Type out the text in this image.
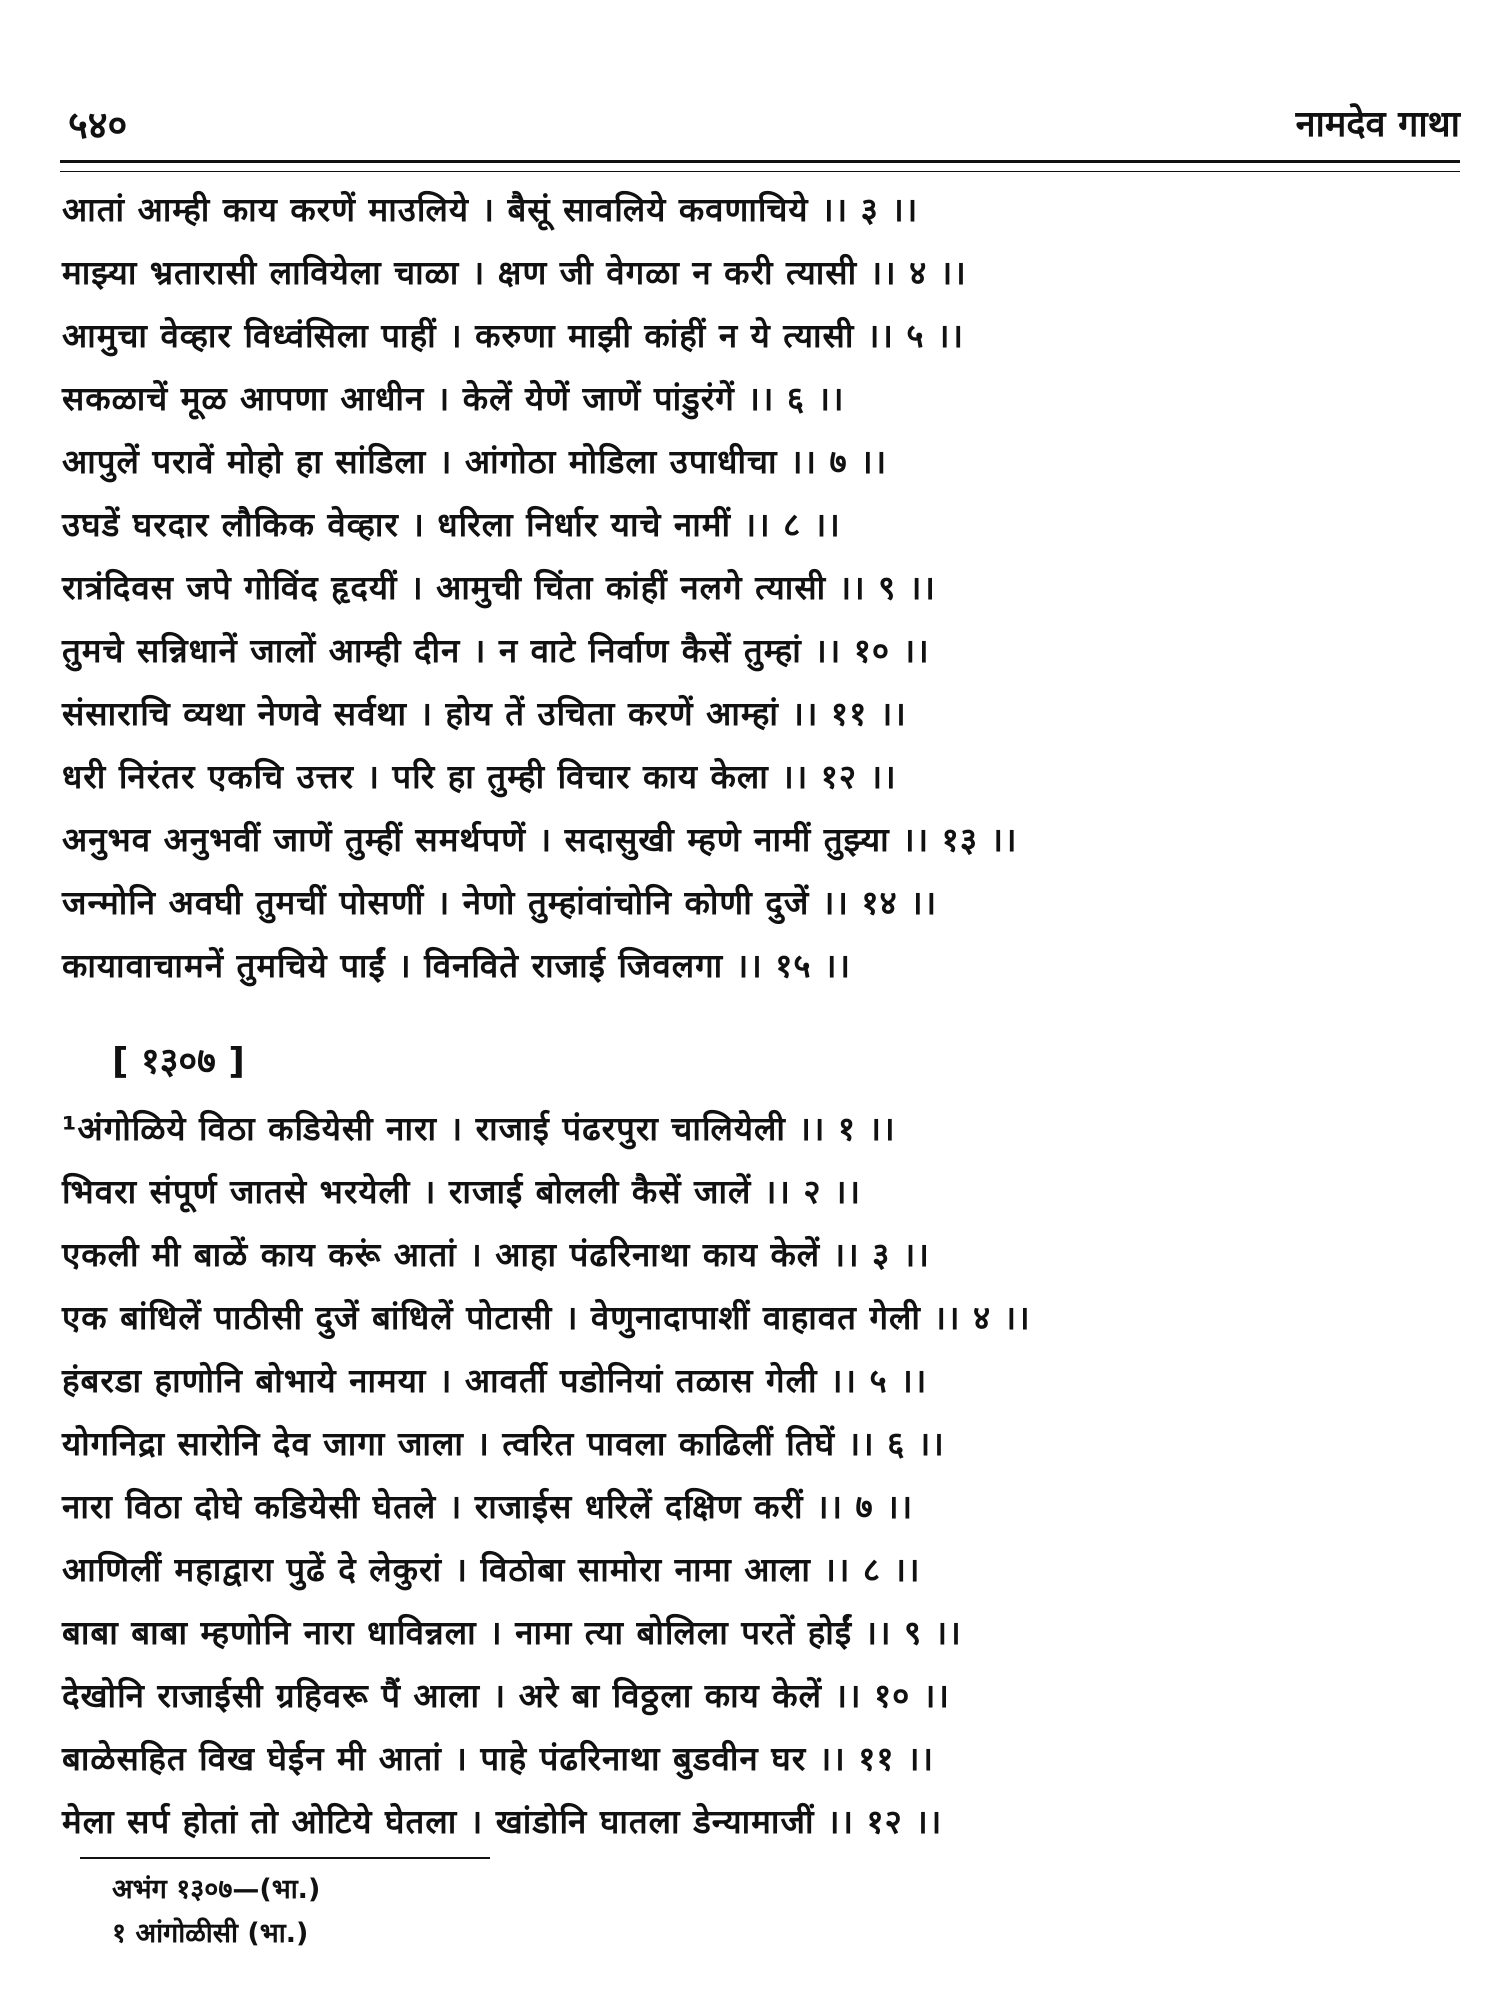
५४०	नामदेव गाथा
आतां आम्ही काय करणें माउलिये । बैसूं सावलिये कवणाचिये ।। ३ ।।
माझ्या भ्रतारासी लावियेला चाळा । क्षण जी वेगळा न करी त्यासी ।। ४ ।।
आमुचा वेव्हार विध्वंसिला पाहीं । करुणा माझी कांहीं न ये त्यासी ।। ५ ।।
सकळाचें मूळ आपणा आधीन । केलें येणें जाणें पांडुरंगें ।। ६ ।।
आपुलें परावें मोहो हा सांडिला । आंगोठा मोडिला उपाधीचा ।। ७ ।।
उघडें घरदार लौकिक वेव्हार । धरिला निर्धार याचे नामीं ।। ८ ।।
रात्रंदिवस जपे गोविंद हृदयीं । आमुची चिंता कांहीं नलगे त्यासी ।। ९ ।।
तुमचे सन्निधानें जालों आम्ही दीन । न वाटे निर्वाण कैसें तुम्हां ।। १० ।।
संसाराचि व्यथा नेणवे सर्वथा । होय तें उचिता करणें आम्हां ।। ११ ।।
धरी निरंतर एकचि उत्तर । परि हा तुम्ही विचार काय केला ।। १२ ।।
अनुभव अनुभवीं जाणें तुम्हीं समर्थपणें । सदासुखी म्हणे नामीं तुझ्या ।। १३ ।।
जन्मोनि अवघी तुमचीं पोसणीं । नेणो तुम्हांवांचोनि कोणी दुजें ।। १४ ।।
कायावाचामनें तुमचिये पाईं । विनविते राजाई जिवलगा ।। १५ ।।
[ १३०७ ]
¹अंगोळिये विठा कडियेसी नारा । राजाई पंढरपुरा चालियेली ।। १ ।।
भिवरा संपूर्ण जातसे भरयेली । राजाई बोलली कैसें जालें ।। २ ।।
एकली मी बाळें काय करूं आतां । आहा पंढरिनाथा काय केलें ।। ३ ।।
एक बांधिलें पाठीसी दुजें बांधिलें पोटासी । वेणुनादापाशीं वाहावत गेली ।। ४ ।।
हंबरडा हाणोनि बोभाये नामया । आवर्ती पडोनियां तळास गेली ।। ५ ।।
योगनिद्रा सारोनि देव जागा जाला । त्वरित पावला काढिलीं तिघें ।। ६ ।।
नारा विठा दोघे कडियेसी घेतले । राजाईस धरिलें दक्षिण करीं ।। ७ ।।
आणिलीं महाद्वारा पुढें दे लेकुरां । विठोबा सामोरा नामा आला ।। ८ ।।
बाबा बाबा म्हणोनि नारा धाविन्नला । नामा त्या बोलिला परतें होईं ।। ९ ।।
देखोनि राजाईसी ग्रहिवरू पैं आला । अरे बा विठ्ठला काय केलें ।। १० ।।
बाळेसहित विख घेईन मी आतां । पाहे पंढरिनाथा बुडवीन घर ।। ११ ।।
मेला सर्प होतां तो ओटिये घेतला । खांडोनि घातला डेन्यामाजीं ।। १२ ।।
अभंग १३०७—(भा.)
१ आंगोळीसी (भा.)
